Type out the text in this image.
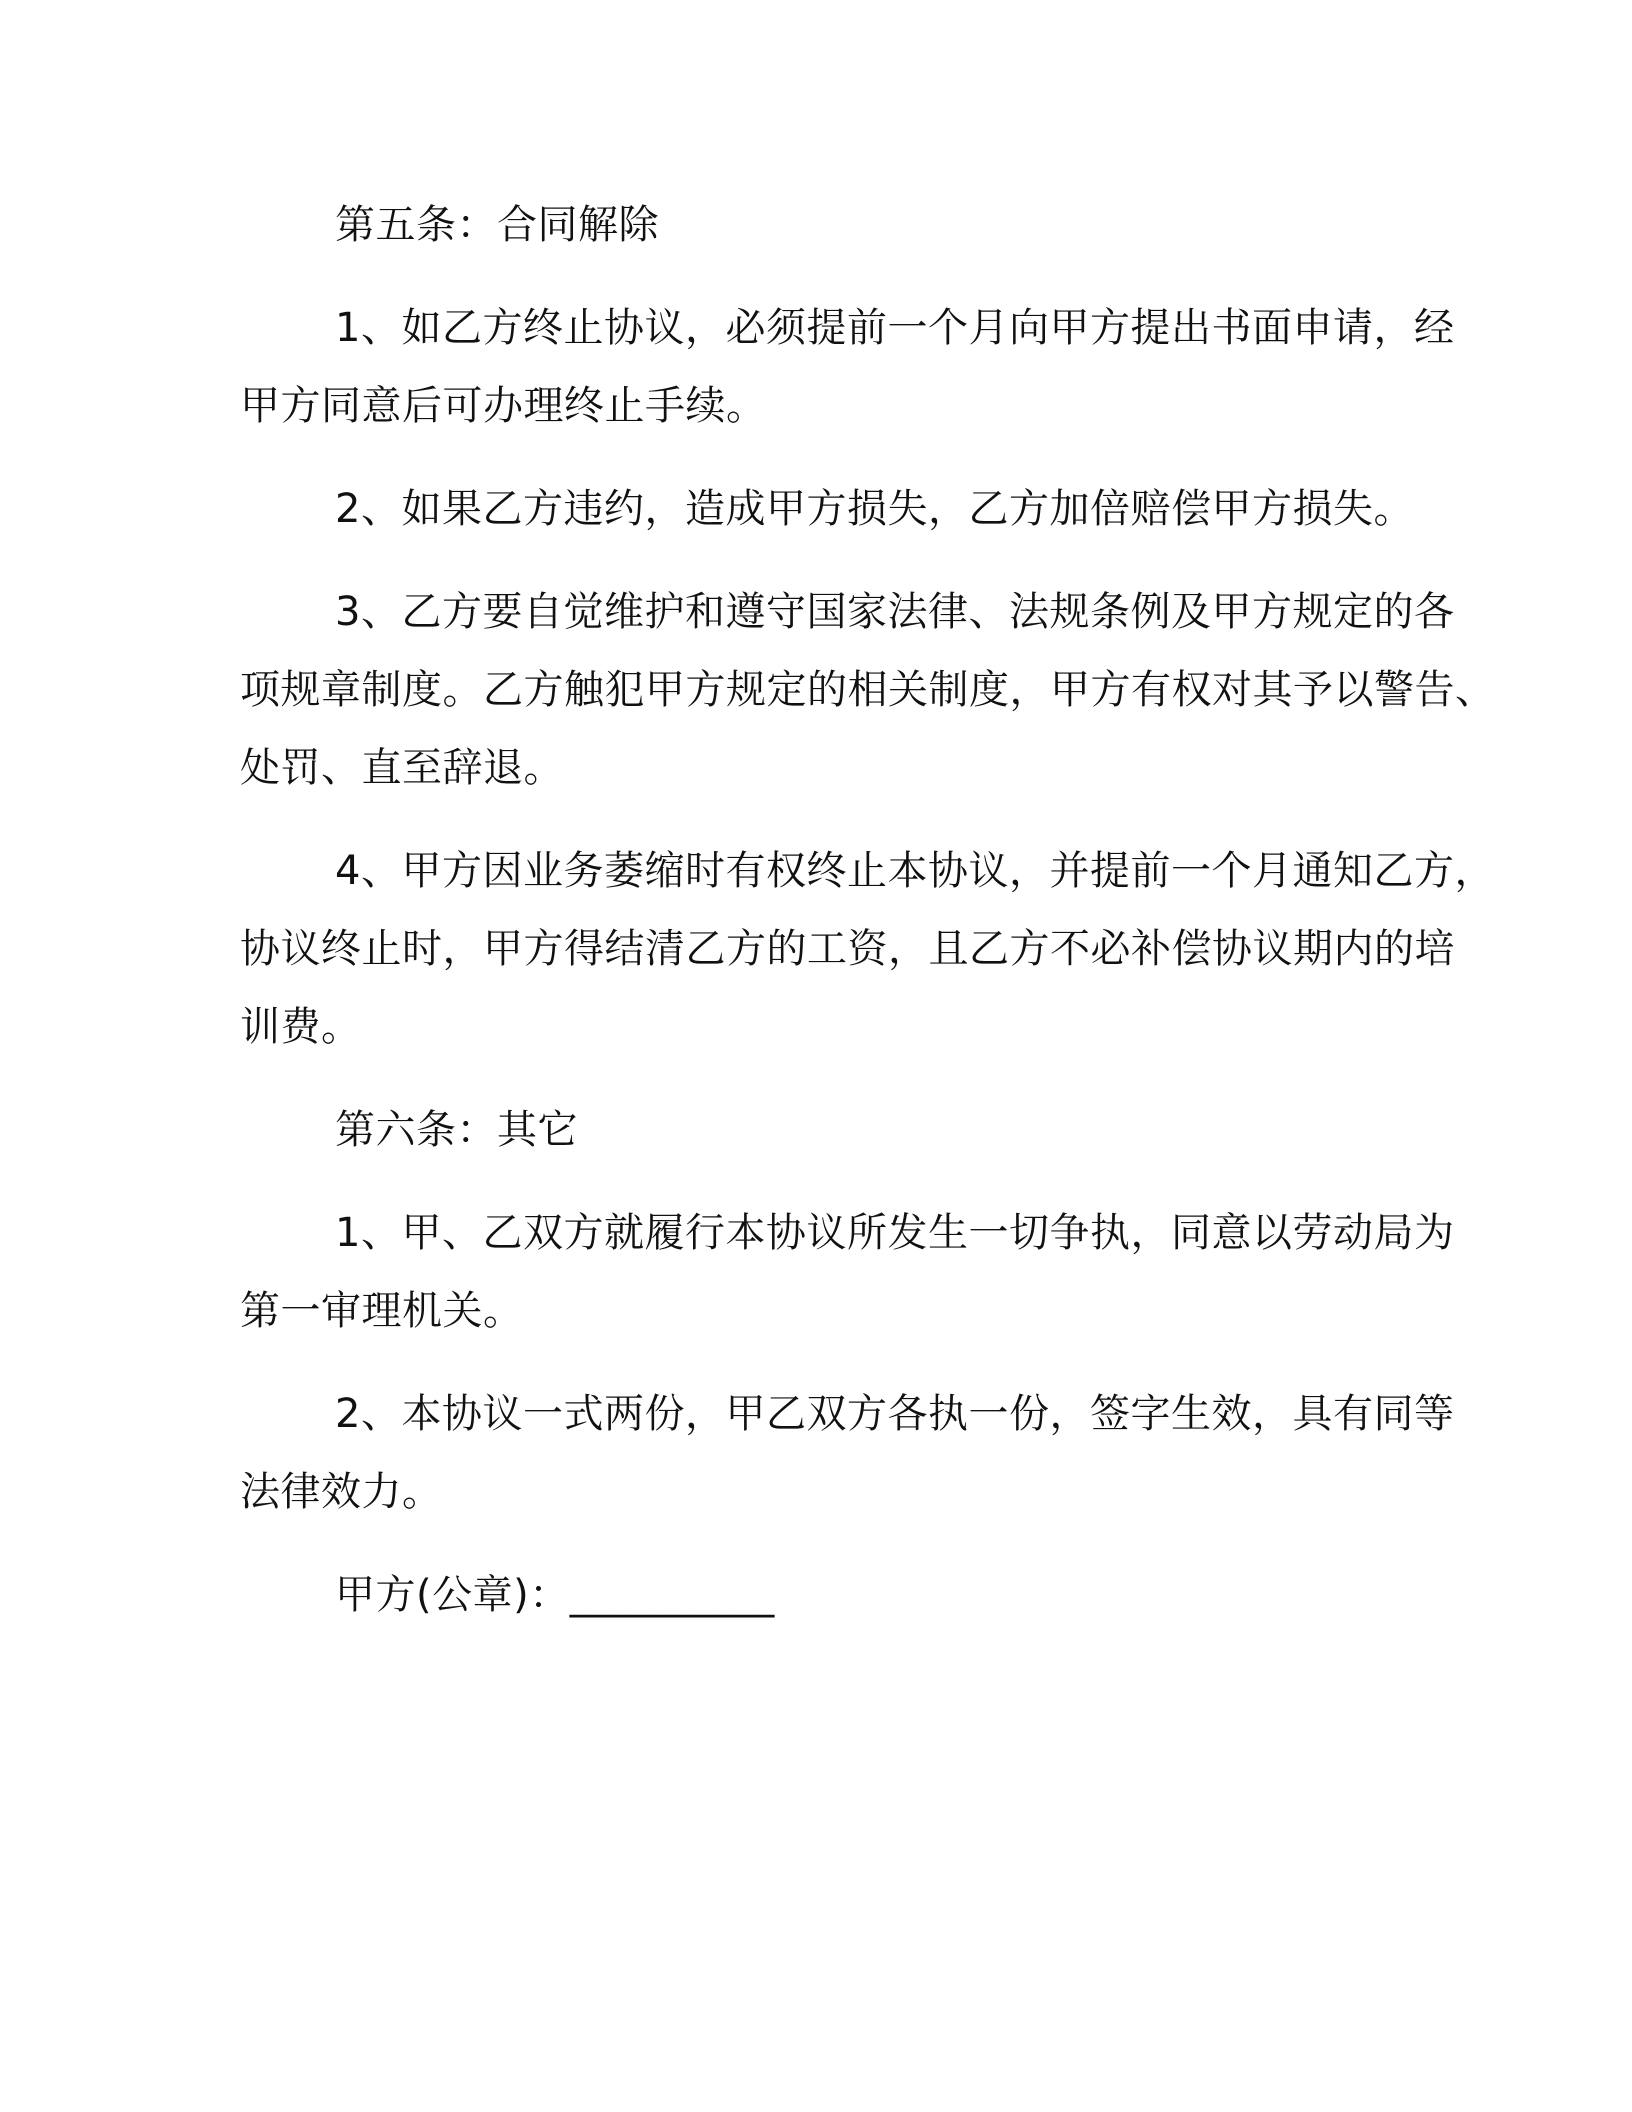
第五条：合同解除
1、如乙方终止协议，必须提前一个月向甲方提出书面申请，经
甲方同意后可办理终止手续。
2、如果乙方违约，造成甲方损失，乙方加倍赔偿甲方损失。
3、乙方要自觉维护和遵守国家法律、法规条例及甲方规定的各
项规章制度。乙方触犯甲方规定的相关制度，甲方有权对其予以警告、
处罚、直至辞退。
4、甲方因业务萎缩时有权终止本协议，并提前一个月通知乙方，
协议终止时，甲方得结清乙方的工资，且乙方不必补偿协议期内的培
训费。
第六条：其它
1、甲、乙双方就履行本协议所发生一切争执，同意以劳动局为
第一审理机关。
2、本协议一式两份，甲乙双方各执一份，签字生效，具有同等
法律效力。
甲方(公章)：__________
